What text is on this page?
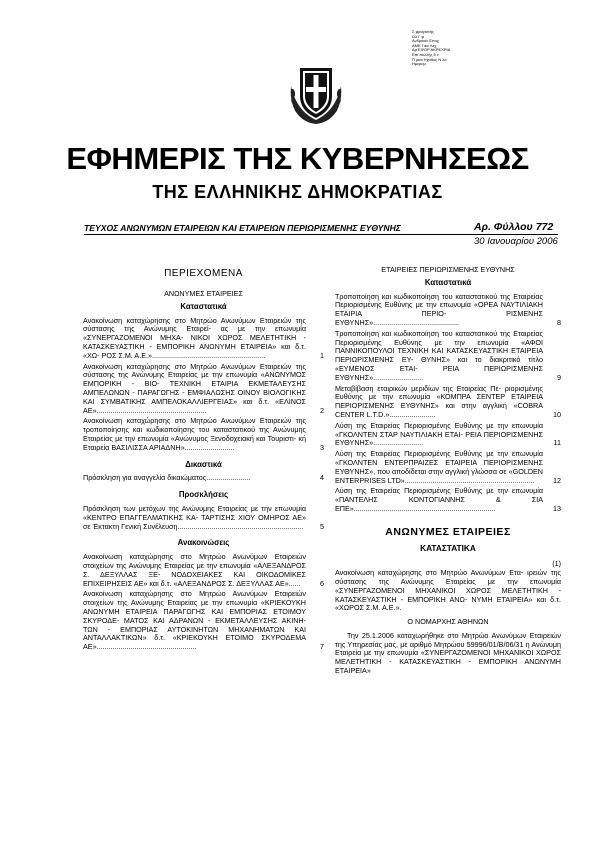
Σ φραγιστής
Ιλλ Γ φ
Ανδρικόν Εποχ
ΑΜΕ Γικο Λεχ
Αρ ΕΦΟΡ ΑΚΡΕΧΡΙΑ
Επι πολλής 5 ν
Π ρκα Ηχαθος Ν λο
Ημερομ
ΕΦΗΜΕΡΙΣ ΤΗΣ ΚΥΒΕΡΝΗΣΕΩΣ
ΤΗΣ ΕΛΛΗΝΙΚΗΣ ΔΗΜΟΚΡΑΤΙΑΣ
ΤΕΥΧΟΣ ΑΝΩΝΥΜΩΝ ΕΤΑΙΡΕΙΩΝ ΚΑΙ ΕΤΑΙΡΕΙΩΝ ΠΕΡΙΩΡΙΣΜΕΝΗΣ ΕΥΘΥΝΗΣ	Αρ. Φύλλου 772
30 Ιανουαρίου 2006
ΠΕΡΙΕΧΟΜΕΝΑ
ΑΝΩΝΥΜΕΣ ΕΤΑΙΡΕΙΕΣ
Καταστατικά
Ανακοίνωση καταχώρησης στο Μητρώο Ανωνύμων Εταιρειών της σύστασης της Ανώνυμης Εταιρεί- ας με την επωνυμία «ΣΥΝΕΡΓΑΖΟΜΕΝΟΙ ΜΗΧΑ- ΝΙΚΟΙ ΧΩΡΟΣ ΜΕΛΕΤΗΤΙΚΗ - ΚΑΤΑΣΚΕΥΑΣΤΙΚΗ - ΕΜΠΟΡΙΚΗ ΑΝΩΝΥΜΗ ΕΤΑΙΡΕΙΑ» και δ.τ. «ΧΩ- ΡΟΣ Σ.Μ. Α.Ε.».........................................................	1
Ανακοίνωση καταχώρησης στο Μητρώο Ανωνύμων Εταιρειών της σύστασης της Ανώνυμης Εταιρείας με την επωνυμία «ΑΝΩΝΥΜΟΣ ΕΜΠΟΡΙΚΗ - ΒΙΟ- ΤΕΧΝΙΚΗ ΕΤΑΙΡΙΑ ΕΚΜΕΤΑΛΕΥΣΗΣ ΑΜΠΕΛΩΝΩΝ - ΠΑΡΑΓΩΓΗΣ - ΕΜΦΙΑΛΩΣΗΣ ΟΙΝΟΥ ΒΙΟΛΟΓΙΚΗΣ ΚΑΙ ΣΥΜΒΑΤΙΚΗΣ ΑΜΠΕΛΟΚΑΛΛΙΕΡΓΕΙΑΣ» και δ.τ. «ΕΛΙΝΟΣ ΑΕ».......................................................	2
Ανακοίνωση καταχώρησης στο Μητρώο Ανωνύμων Εταιρειών της τροποποίησης και κωδικοποίησης του καταστατικού της Ανώνυμης Εταιρείας με την επωνυμία «Ανώνυμος Ξενοδοχειακή και Τουριστι- κή Εταιρεία ΒΑΣΙΛΙΣΣΑ ΑΡΙΑΔΝΗ».........................	3
Δικαστικά
Πρόσκληση για αναγγελία δικαιώματος......................	4
Προσκλήσεις
Πρόσκληση των μετόχων της Ανώνυμης Εταιρείας με την επωνυμία «ΚΕΝΤΡΟ ΕΠΑΓΓΕΛΜΑΤΙΚΗΣ ΚΑ- ΤΑΡΤΙΣΗΣ ΧΙΟΥ ΟΜΗΡΟΣ ΑΕ» σε Έκτακτη Γενική Συνέλευση...............................................................	5
Ανακοινώσεις
Ανακοίνωση καταχώρησης στο Μητρώο Ανωνύμων Εταιρειών στοιχείων της Ανώνυμης Εταιρείας με την επωνυμία «ΑΛΕΞΑΝΔΡΟΣ Σ. ΔΕΞΥΛΛΑΣ ΞΕ- ΝΟΔΟΧΕΙΑΚΕΣ ΚΑΙ ΟΙΚΟΔΟΜΙΚΕΣ ΕΠΙΧΕΙΡΗΣΕΙΣ ΑΕ» και δ.τ. «ΑΛΕΞΑΝΔΡΟΣ Σ. ΔΕΞΥΛΛΑΣ ΑΕ»......	6
Ανακοίνωση καταχώρησης στο Μητρώο Ανωνύμων Εταιρειών στοιχείων της Ανώνυμης Εταιρείας με την επωνυμία «ΚΡΙΕΚΟΥΚΗ ΑΝΩΝΥΜΗ ΕΤΑΙΡΕΙΑ ΠΑΡΑΓΩΓΗΣ ΚΑΙ ΕΜΠΟΡΙΑΣ ΕΤΟΙΜΟΥ ΣΚΥΡΟΔΕ- ΜΑΤΟΣ ΚΑΙ ΑΔΡΑΝΩΝ - ΕΚΜΕΤΑΛΛΕΥΣΗΣ ΑΚΙΝΗ- ΤΩΝ - ΕΜΠΟΡΙΑΣ ΑΥΤΟΚΙΝΗΤΩΝ ΜΗΧΑΝΗΜΑΤΩΝ ΚΑΙ ΑΝΤΑΛΛΑΚΤΙΚΩΝ» δ.τ. «ΚΡΙΕΚΟΥΚΗ ΕΤΟΙΜΟ ΣΚΥΡΟΔΕΜΑ ΑΕ»..................................................	7
ΕΤΑΙΡΕΙΕΣ ΠΕΡΙΩΡΙΣΜΕΝΗΣ ΕΥΘΥΝΗΣ
Καταστατικά
Τροποποίηση και κωδικοποίηση του καταστατικού της Εταιρείας Περιορισμένης Ευθύνης με την επωνυμία «ΟΡΕΑ ΝΑΥΤΙΛΙΑΚΗ ΕΤΑΙΡΙΑ ΠΕΡΙΟ- ΡΙΣΜΕΝΗΣ ΕΥΘΥΝΗΣ»...........................................	8
Τροποποίηση και κωδικοποίηση του καταστατικού της Εταιρείας Περιορισμένης Ευθύνης με την επωνυμία «ΑΦΟΙ ΠΑΝΝΙΚΟΠΟΥΛΟΙ ΤΕΧΝΙΚΗ ΚΑΙ ΚΑΤΑΣΚΕΥΑΣΤΙΚΗ ΕΤΑΙΡΕΙΑ ΠΕΡΙΩΡΙΣΜΕΝΗΣ ΕΥ- ΘΥΝΗΣ» και το διακριτικό τίτλο «ΕΥΜΕΝΟΣ ΕΤΑΙ- ΡΕΙΑ ΠΕΡΙΩΡΙΣΜΕΝΗΣ ΕΥΘΥΝΗΣ».........................	9
Μεταβίβαση εταιρικών μεριδίων της Εταιρείας Πε- ριορισμένης Ευθύνης με την επωνυμία «ΚΟΜΠΡΑ ΣΕΝΤΕΡ ΕΤΑΙΡΕΙΑ ΠΕΡΙΟΡΙΣΜΕΝΗΣ ΕΥΘΥΝΗΣ» και στην αγγλική «COBRA CENTER L.T.D.».......................	10
Λύση της Εταιρείας Περιορισμένης Ευθύνης με την επωνυμία «ΓΚΟΛΝΤΕΝ ΣΤΑΡ ΝΑΥΤΙΛΙΑΚΗ ΕΤΑΙ- ΡΕΙΑ ΠΕΡΙΟΡΙΣΜΕΝΗΣ ΕΥΘΥΝΗΣ».........................	11
Λύση της Εταιρείας Περιορισμένης Ευθύνης με την επωνυμία «ΓΚΟΛΝΤΕΝ ΕΝΤΕΡΠΡΑΙΖΕΣ ΕΤΑΙΡΕΙΑ ΠΕΡΙΟΡΙΣΜΕΝΗΣ ΕΥΘΥΝΗΣ», που αποδίδεται στην αγγλική γλώσσα σε «GOLDEN ENTERPRISES LTD».................................................................	12
Λύση της Εταιρείας Περιορισμένης Ευθύνης με την επωνυμία «ΠΑΝΤΕΛΗΣ ΚΟΝΤΟΓΙΑΝΝΗΣ & ΣΙΑ ΕΠΕ».......................................................................	13
ΑΝΩΝΥΜΕΣ ΕΤΑΙΡΕΙΕΣ
ΚΑΤΑΣΤΑΤΙΚΑ
(1)
Ανακοίνωση καταχώρησης στο Μητρώο Ανωνύμων Ετα- ιρειών της σύστασης της Ανώνυμης Εταιρείας με την επωνυμία «ΣΥΝΕΡΓΑΖΟΜΕΝΟΙ ΜΗΧΑΝΙΚΟΙ ΧΩΡΟΣ ΜΕΛΕΤΗΤΙΚΗ - ΚΑΤΑΣΚΕΥΑΣΤΙΚΗ - ΕΜΠΟΡΙΚΗ ΑΝΩ- ΝΥΜΗ ΕΤΑΙΡΕΙΑ» και δ.τ. «ΧΩΡΟΣ Σ.Μ. Α.Ε.».
Ο ΝΟΜΑΡΧΗΣ ΑΘΗΝΩΝ
Την 25.1.2006 καταχωρήθηκε στο Μητρώο Ανωνύμων Εταιρειών της Υπηρεσίας μας, με αριθμό Μητρώου 59996/01/Β/06/31 η Ανώνυμη Εταιρεία με την επωνυμία «ΣΥΝΕΡΓΑΖΟΜΕΝΟΙ ΜΗΧΑΝΙΚΟΙ ΧΩΡΟΣ ΜΕΛΕΤΗΤΙΚΗ - ΚΑΤΑΣΚΕΥΑΣΤΙΚΗ - ΕΜΠΟΡΙΚΗ ΑΝΩΝΥΜΗ ΕΤΑΙΡΕΙΑ»
